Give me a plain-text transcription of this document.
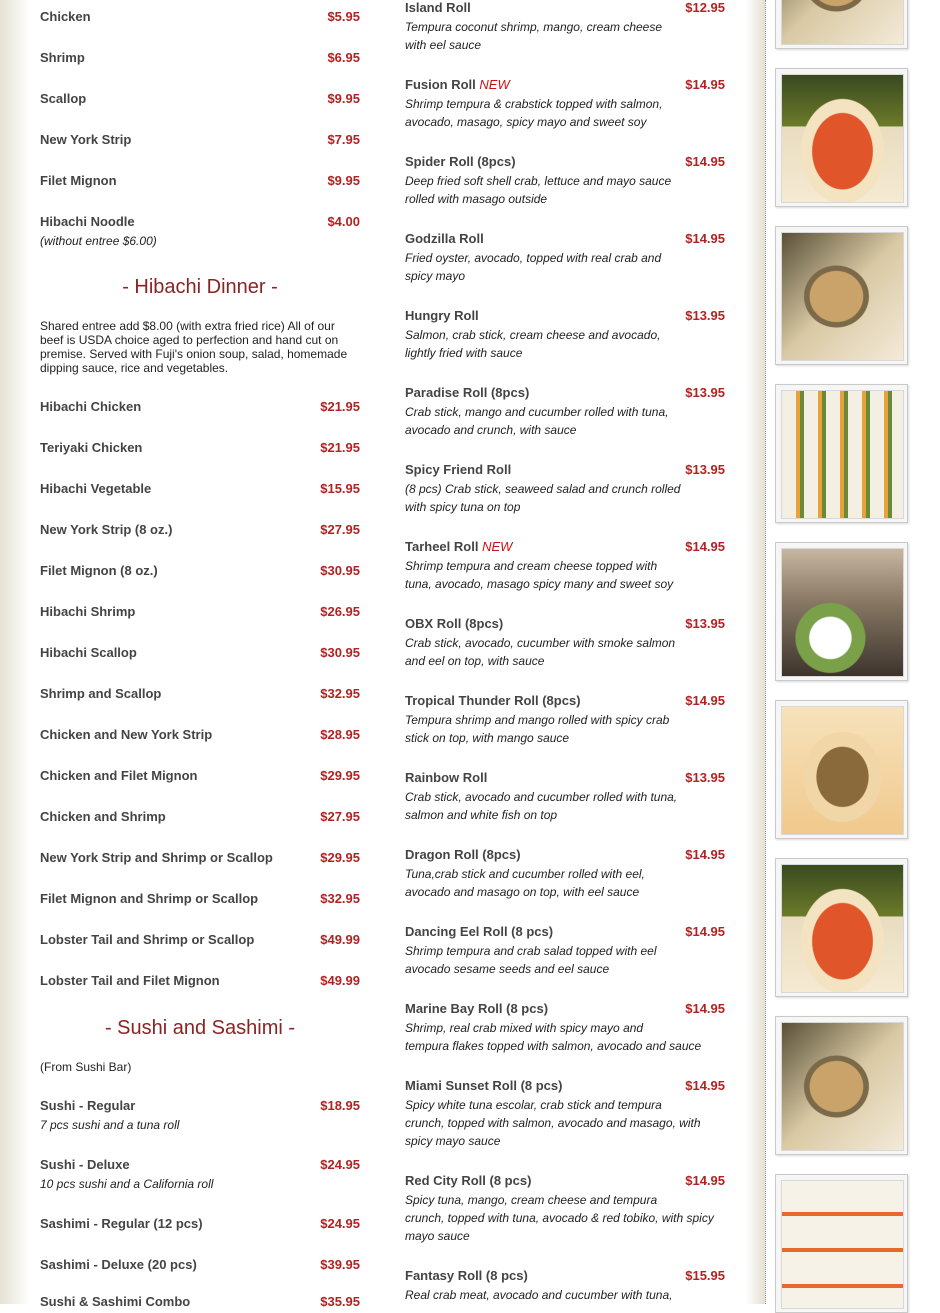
Chicken	$5.95
Shrimp	$6.95
Scallop	$9.95
New York Strip	$7.95
Filet Mignon	$9.95
Hibachi Noodle	$4.00
(without entree $6.00)
- Hibachi Dinner -
Shared entree add $8.00 (with extra fried rice) All of our beef is USDA choice aged to perfection and hand cut on premise. Served with Fuji's onion soup, salad, homemade dipping sauce, rice and vegetables.
Hibachi Chicken	$21.95
Teriyaki Chicken	$21.95
Hibachi Vegetable	$15.95
New York Strip (8 oz.)	$27.95
Filet Mignon (8 oz.)	$30.95
Hibachi Shrimp	$26.95
Hibachi Scallop	$30.95
Shrimp and Scallop	$32.95
Chicken and New York Strip	$28.95
Chicken and Filet Mignon	$29.95
Chicken and Shrimp	$27.95
New York Strip and Shrimp or Scallop	$29.95
Filet Mignon and Shrimp or Scallop	$32.95
Lobster Tail and Shrimp or Scallop	$49.99
Lobster Tail and Filet Mignon	$49.99
- Sushi and Sashimi -
(From Sushi Bar)
Sushi - Regular	$18.95
7 pcs sushi and a tuna roll
Sushi - Deluxe	$24.95
10 pcs sushi and a California roll
Sashimi - Regular (12 pcs)	$24.95
Sashimi - Deluxe (20 pcs)	$39.95
Sushi & Sashimi Combo	$35.95
Island Roll	$12.95
Tempura coconut shrimp, mango, cream cheese
with eel sauce
Fusion Roll NEW	$14.95
Shrimp tempura & crabstick topped with salmon,
avocado, masago, spicy mayo and sweet soy
Spider Roll (8pcs)	$14.95
Deep fried soft shell crab, lettuce and mayo sauce
rolled with masago outside
Godzilla Roll	$14.95
Fried oyster, avocado, topped with real crab and
spicy mayo
Hungry Roll	$13.95
Salmon, crab stick, cream cheese and avocado,
lightly fried with sauce
Paradise Roll (8pcs)	$13.95
Crab stick, mango and cucumber rolled with tuna,
avocado and crunch, with sauce
Spicy Friend Roll	$13.95
(8 pcs) Crab stick, seaweed salad and crunch rolled
with spicy tuna on top
Tarheel Roll NEW	$14.95
Shrimp tempura and cream cheese topped with
tuna, avocado, masago spicy many and sweet soy
OBX Roll (8pcs)	$13.95
Crab stick, avocado, cucumber with smoke salmon
and eel on top, with sauce
Tropical Thunder Roll (8pcs)	$14.95
Tempura shrimp and mango rolled with spicy crab
stick on top, with mango sauce
Rainbow Roll	$13.95
Crab stick, avocado and cucumber rolled with tuna,
salmon and white fish on top
Dragon Roll (8pcs)	$14.95
Tuna,crab stick and cucumber rolled with eel,
avocado and masago on top, with eel sauce
Dancing Eel Roll (8 pcs)	$14.95
Shrimp tempura and crab salad topped with eel
avocado sesame seeds and eel sauce
Marine Bay Roll (8 pcs)	$14.95
Shrimp, real crab mixed with spicy mayo and
tempura flakes topped with salmon, avocado and sauce
Miami Sunset Roll (8 pcs)	$14.95
Spicy white tuna escolar, crab stick and tempura
crunch, topped with salmon, avocado and masago, with
spicy mayo sauce
Red City Roll (8 pcs)	$14.95
Spicy tuna, mango, cream cheese and tempura
crunch, topped with tuna, avocado & red tobiko, with spicy
mayo sauce
Fantasy Roll (8 pcs)	$15.95
Real crab meat, avocado and cucumber with tuna,
